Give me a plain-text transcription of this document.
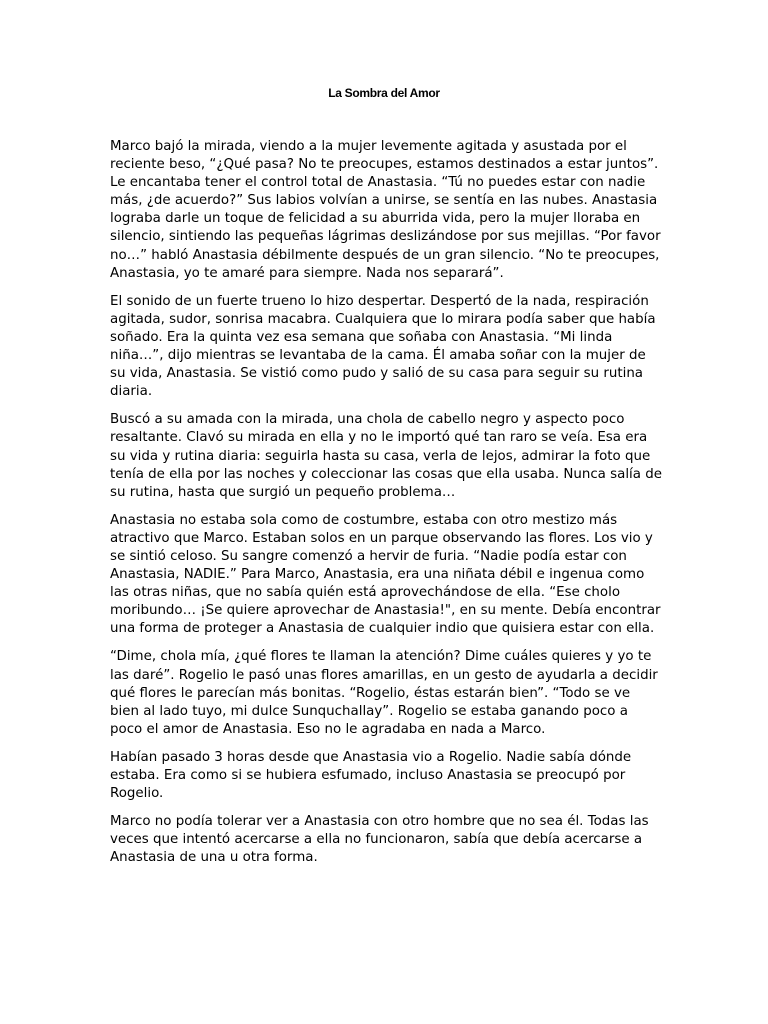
La Sombra del Amor

Marco bajó la mirada, viendo a la mujer levemente agitada y asustada por el reciente beso, “¿Qué pasa? No te preocupes, estamos destinados a estar juntos”. Le encantaba tener el control total de Anastasia. “Tú no puedes estar con nadie más, ¿de acuerdo?” Sus labios volvían a unirse, se sentía en las nubes. Anastasia lograba darle un toque de felicidad a su aburrida vida, pero la mujer lloraba en silencio, sintiendo las pequeñas lágrimas deslizándose por sus mejillas. “Por favor no…” habló Anastasia débilmente después de un gran silencio. “No te preocupes, Anastasia, yo te amaré para siempre. Nada nos separará”.

El sonido de un fuerte trueno lo hizo despertar. Despertó de la nada, respiración agitada, sudor, sonrisa macabra. Cualquiera que lo mirara podía saber que había soñado. Era la quinta vez esa semana que soñaba con Anastasia. “Mi linda niña…”, dijo mientras se levantaba de la cama. Él amaba soñar con la mujer de su vida, Anastasia. Se vistió como pudo y salió de su casa para seguir su rutina diaria.

Buscó a su amada con la mirada, una chola de cabello negro y aspecto poco resaltante. Clavó su mirada en ella y no le importó qué tan raro se veía. Esa era su vida y rutina diaria: seguirla hasta su casa, verla de lejos, admirar la foto que tenía de ella por las noches y coleccionar las cosas que ella usaba. Nunca salía de su rutina, hasta que surgió un pequeño problema…

Anastasia no estaba sola como de costumbre, estaba con otro mestizo más atractivo que Marco. Estaban solos en un parque observando las flores. Los vio y se sintió celoso. Su sangre comenzó a hervir de furia. “Nadie podía estar con Anastasia, NADIE.” Para Marco, Anastasia, era una niñata débil e ingenua como las otras niñas, que no sabía quién está aprovechándose de ella. “Ese cholo moribundo… ¡Se quiere aprovechar de Anastasia!", en su mente. Debía encontrar una forma de proteger a Anastasia de cualquier indio que quisiera estar con ella.

“Dime, chola mía, ¿qué flores te llaman la atención? Dime cuáles quieres y yo te las daré”. Rogelio le pasó unas flores amarillas, en un gesto de ayudarla a decidir qué flores le parecían más bonitas. “Rogelio, éstas estarán bien”. “Todo se ve bien al lado tuyo, mi dulce Sunquchallay”. Rogelio se estaba ganando poco a poco el amor de Anastasia. Eso no le agradaba en nada a Marco.

Habían pasado 3 horas desde que Anastasia vio a Rogelio. Nadie sabía dónde estaba. Era como si se hubiera esfumado, incluso Anastasia se preocupó por Rogelio.

Marco no podía tolerar ver a Anastasia con otro hombre que no sea él. Todas las veces que intentó acercarse a ella no funcionaron, sabía que debía acercarse a Anastasia de una u otra forma.
